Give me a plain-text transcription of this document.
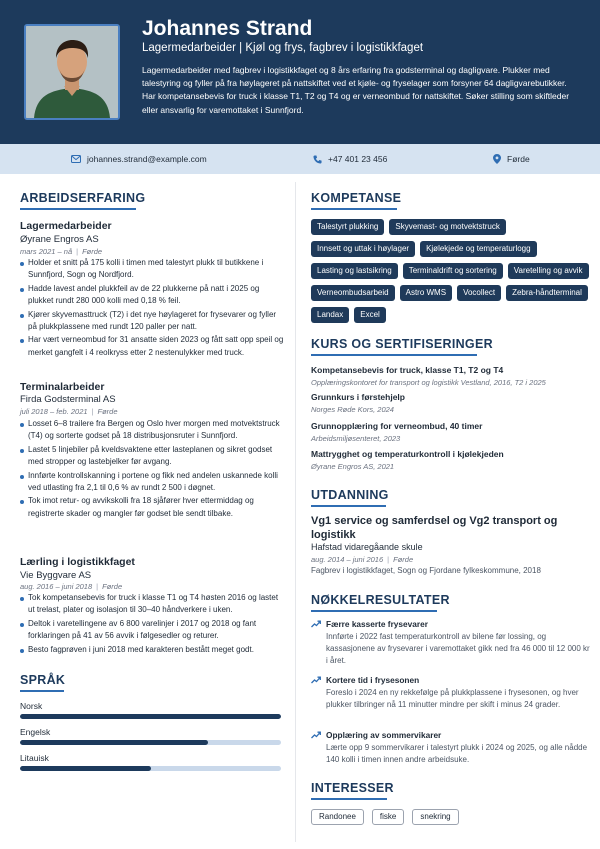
Johannes Strand
Lagermedarbeider | Kjøl og frys, fagbrev i logistikkfaget
Lagermedarbeider med fagbrev i logistikkfaget og 8 års erfaring fra godsterminal og dagligvare. Plukker med talestyring og fyller på fra høylageret på nattskiftet ved et kjøle- og fryselager som forsyner 64 dagligvarebutikker. Har kompetansebevis for truck i klasse T1, T2 og T4 og er verneombud for nattskiftet. Søker stilling som skiftleder eller ansvarlig for varemottaket i Sunnfjord.
johannes.strand@example.com	+47 401 23 456	Førde
ARBEIDSERFARING
Lagermedarbeider
Øyrane Engros AS
mars 2021 – nå | Førde
Holder et snitt på 175 kolli i timen med talestyrt plukk til butikkene i Sunnfjord, Sogn og Nordfjord.
Hadde lavest andel plukkfeil av de 22 plukkerne på natt i 2025 og plukket rundt 280 000 kolli med 0,18 % feil.
Kjører skyvemasttruck (T2) i det nye høylageret for frysevarer og fyller på plukkplassene med rundt 120 paller per natt.
Har vært verneombud for 31 ansatte siden 2023 og fått satt opp speil og merket gangfelt i 4 reolkryss etter 2 nestenulykker med truck.
Terminalarbeider
Firda Godsterminal AS
juli 2018 – feb. 2021 | Førde
Losset 6–8 trailere fra Bergen og Oslo hver morgen med motvektstruck (T4) og sorterte godset på 18 distribusjonsruter i Sunnfjord.
Lastet 5 linjebiler på kveldsvaktene etter lasteplanen og sikret godset med stropper og lastebjelker før avgang.
Innførte kontrollskanning i portene og fikk ned andelen uskannede kolli ved utlasting fra 2,1 til 0,6 % av rundt 2 500 i døgnet.
Tok imot retur- og avvikskolli fra 18 sjåfører hver ettermiddag og registrerte skader og mangler før godset ble sendt tilbake.
Lærling i logistikkfaget
Vie Byggvare AS
aug. 2016 – juni 2018 | Førde
Tok kompetansebevis for truck i klasse T1 og T4 høsten 2016 og lastet ut trelast, plater og isolasjon til 30–40 håndverkere i uken.
Deltok i varetellingene av 6 800 varelinjer i 2017 og 2018 og fant forklaringen på 41 av 56 avvik i følgesedler og returer.
Besto fagprøven i juni 2018 med karakteren bestått meget godt.
SPRÅK
Norsk
Engelsk
Litauisk
KOMPETANSE
Talestyrt plukking	Skyvemast- og motvektstruck
Innsett og uttak i høylager	Kjølekjede og temperaturlogg
Lasting og lastsikring	Terminaldrift og sortering	Varetelling og avvik
Verneombudsarbeid	Astro WMS	Vocollect	Zebra-håndterminal
Landax	Excel
KURS OG SERTIFISERINGER
Kompetansebevis for truck, klasse T1, T2 og T4
Opplæringskontoret for transport og logistikk Vestland, 2016, T2 i 2025
Grunnkurs i førstehjelp
Norges Røde Kors, 2024
Grunnopplæring for verneombud, 40 timer
Arbeidsmiljøsenteret, 2023
Mattrygghet og temperaturkontroll i kjølekjeden
Øyrane Engros AS, 2021
UTDANNING
Vg1 service og samferdsel og Vg2 transport og logistikk
Hafstad vidaregåande skule
aug. 2014 – juni 2016 | Førde
Fagbrev i logistikkfaget, Sogn og Fjordane fylkeskommune, 2018
NØKKELRESULTATER
Færre kasserte frysevarer
Innførte i 2022 fast temperaturkontroll av bilene før lossing, og kassasjonene av frysevarer i varemottaket gikk ned fra 46 000 til 12 000 kr i året.
Kortere tid i frysesonen
Foreslo i 2024 en ny rekkefølge på plukkplassene i frysesonen, og hver plukker tilbringer nå 11 minutter mindre per skift i minus 24 grader.
Opplæring av sommervikarer
Lærte opp 9 sommervikarer i talestyrt plukk i 2024 og 2025, og alle nådde 140 kolli i timen innen andre arbeidsuke.
INTERESSER
Randonee	fiske	snekring
